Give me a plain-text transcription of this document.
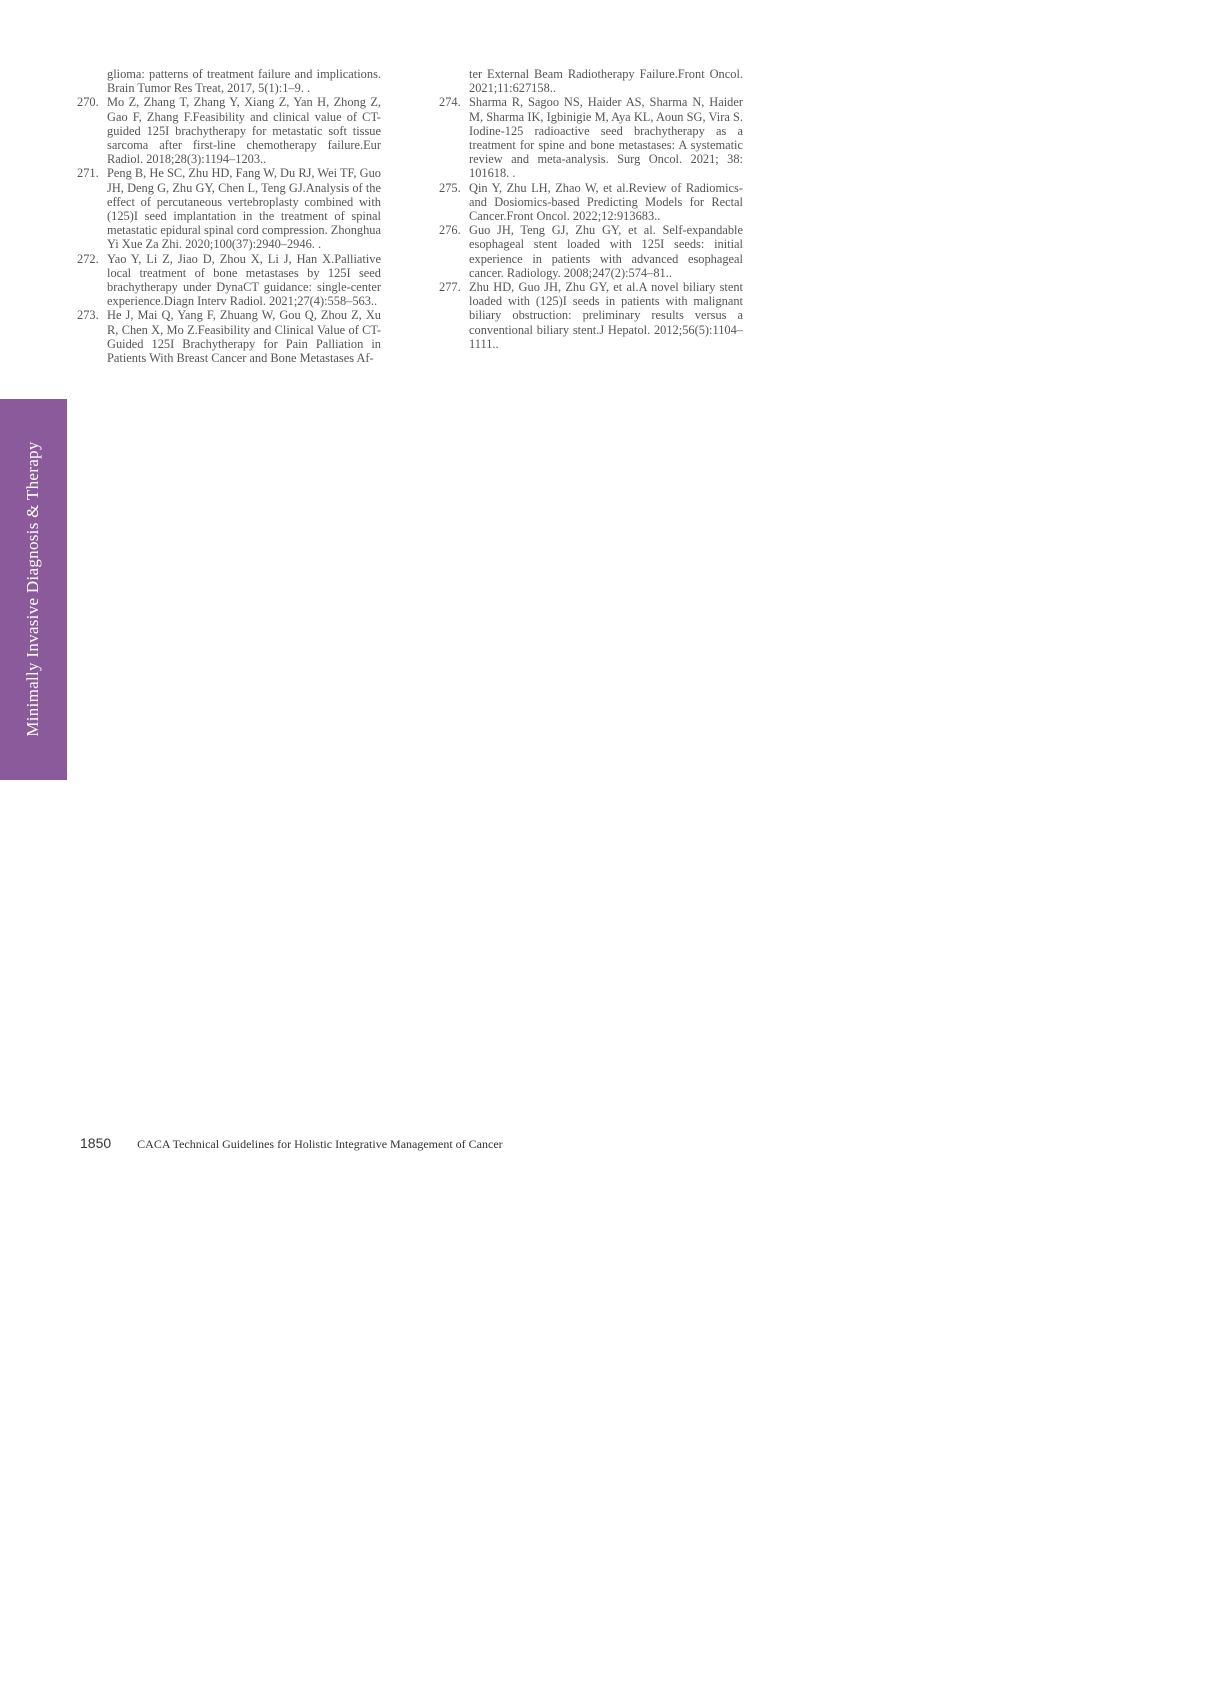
glioma: patterns of treatment failure and implications. Brain Tumor Res Treat, 2017, 5(1):1–9. .

270. Mo Z, Zhang T, Zhang Y, Xiang Z, Yan H, Zhong Z, Gao F, Zhang F.Feasibility and clinical value of CT-guided 125I brachytherapy for metastatic soft tissue sarcoma after first-line chemotherapy failure.Eur Radiol. 2018;28(3):1194–1203..

271. Peng B, He SC, Zhu HD, Fang W, Du RJ, Wei TF, Guo JH, Deng G, Zhu GY, Chen L, Teng GJ.Analysis of the effect of percutaneous vertebroplasty combined with (125)I seed implantation in the treatment of spinal metastatic epidural spinal cord compression. Zhonghua Yi Xue Za Zhi. 2020;100(37):2940–2946. .

272. Yao Y, Li Z, Jiao D, Zhou X, Li J, Han X.Palliative local treatment of bone metastases by 125I seed brachytherapy under DynaCT guidance: single-center experience.Diagn Interv Radiol. 2021;27(4):558–563..

273. He J, Mai Q, Yang F, Zhuang W, Gou Q, Zhou Z, Xu R, Chen X, Mo Z.Feasibility and Clinical Value of CT-Guided 125I Brachytherapy for Pain Palliation in Patients With Breast Cancer and Bone Metastases Af-

ter External Beam Radiotherapy Failure.Front Oncol. 2021;11:627158..

274. Sharma R, Sagoo NS, Haider AS, Sharma N, Haider M, Sharma IK, Igbinigie M, Aya KL, Aoun SG, Vira S. Iodine-125 radioactive seed brachytherapy as a treatment for spine and bone metastases: A systematic review and meta-analysis. Surg Oncol. 2021; 38: 101618. .

275. Qin Y, Zhu LH, Zhao W, et al.Review of Radiomics- and Dosiomics-based Predicting Models for Rectal Cancer.Front Oncol. 2022;12:913683..

276. Guo JH, Teng GJ, Zhu GY, et al. Self-expandable esophageal stent loaded with 125I seeds: initial experience in patients with advanced esophageal cancer. Radiology. 2008;247(2):574–81..

277. Zhu HD, Guo JH, Zhu GY, et al.A novel biliary stent loaded with (125)I seeds in patients with malignant biliary obstruction: preliminary results versus a conventional biliary stent.J Hepatol. 2012;56(5):1104–1111..

Minimally Invasive Diagnosis & Therapy
1850 CACA Technical Guidelines for Holistic Integrative Management of Cancer
